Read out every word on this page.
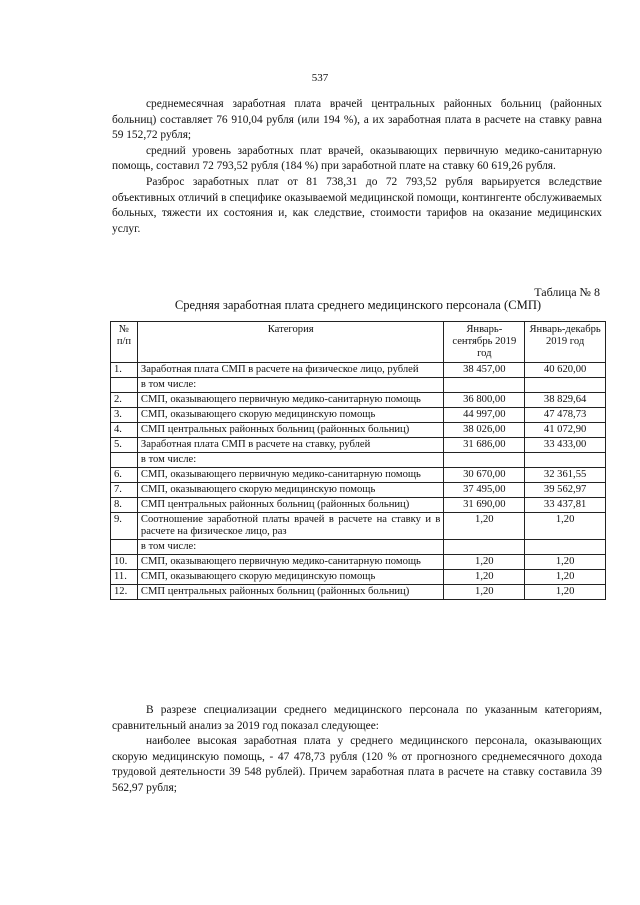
537

среднемесячная заработная плата врачей центральных районных больниц (районных больниц) составляет 76 910,04 рубля (или 194 %), а их заработная плата в расчете на ставку равна 59 152,72 рубля;

средний уровень заработных плат врачей, оказывающих первичную медико-санитарную помощь, составил 72 793,52 рубля (184 %) при заработной плате на ставку 60 619,26 рубля.

Разброс заработных плат от 81 738,31 до 72 793,52 рубля варьируется вследствие объективных отличий в специфике оказываемой медицинской помощи, контингенте обслуживаемых больных, тяжести их состояния и, как следствие, стоимости тарифов на оказание медицинских услуг.

Таблица № 8
Средняя заработная плата среднего медицинского персонала (СМП)
№ п/п	Категория	Январь-сентябрь 2019 год	Январь-декабрь 2019 год
1.	Заработная плата СМП в расчете на физическое лицо, рублей	38 457,00	40 620,00
	в том числе:		
2.	СМП, оказывающего первичную медико-санитарную помощь	36 800,00	38 829,64
3.	СМП, оказывающего скорую медицинскую помощь	44 997,00	47 478,73
4.	СМП центральных районных больниц (районных больниц)	38 026,00	41 072,90
5.	Заработная плата СМП в расчете на ставку, рублей	31 686,00	33 433,00
	в том числе:		
6.	СМП, оказывающего первичную медико-санитарную помощь	30 670,00	32 361,55
7.	СМП, оказывающего скорую медицинскую помощь	37 495,00	39 562,97
8.	СМП центральных районных больниц (районных больниц)	31 690,00	33 437,81
9.	Соотношение заработной платы врачей в расчете на ставку и в расчете на физическое лицо, раз	1,20	1,20
	в том числе:		
10.	СМП, оказывающего первичную медико-санитарную помощь	1,20	1,20
11.	СМП, оказывающего скорую медицинскую помощь	1,20	1,20
12.	СМП центральных районных больниц (районных больниц)	1,20	1,20

В разрезе специализации среднего медицинского персонала по указанным категориям, сравнительный анализ за 2019 год показал следующее:

наиболее высокая заработная плата у среднего медицинского персонала, оказывающих скорую медицинскую помощь, - 47 478,73 рубля (120 % от прогнозного среднемесячного дохода трудовой деятельности 39 548 рублей). Причем заработная плата в расчете на ставку составила 39 562,97 рубля;
